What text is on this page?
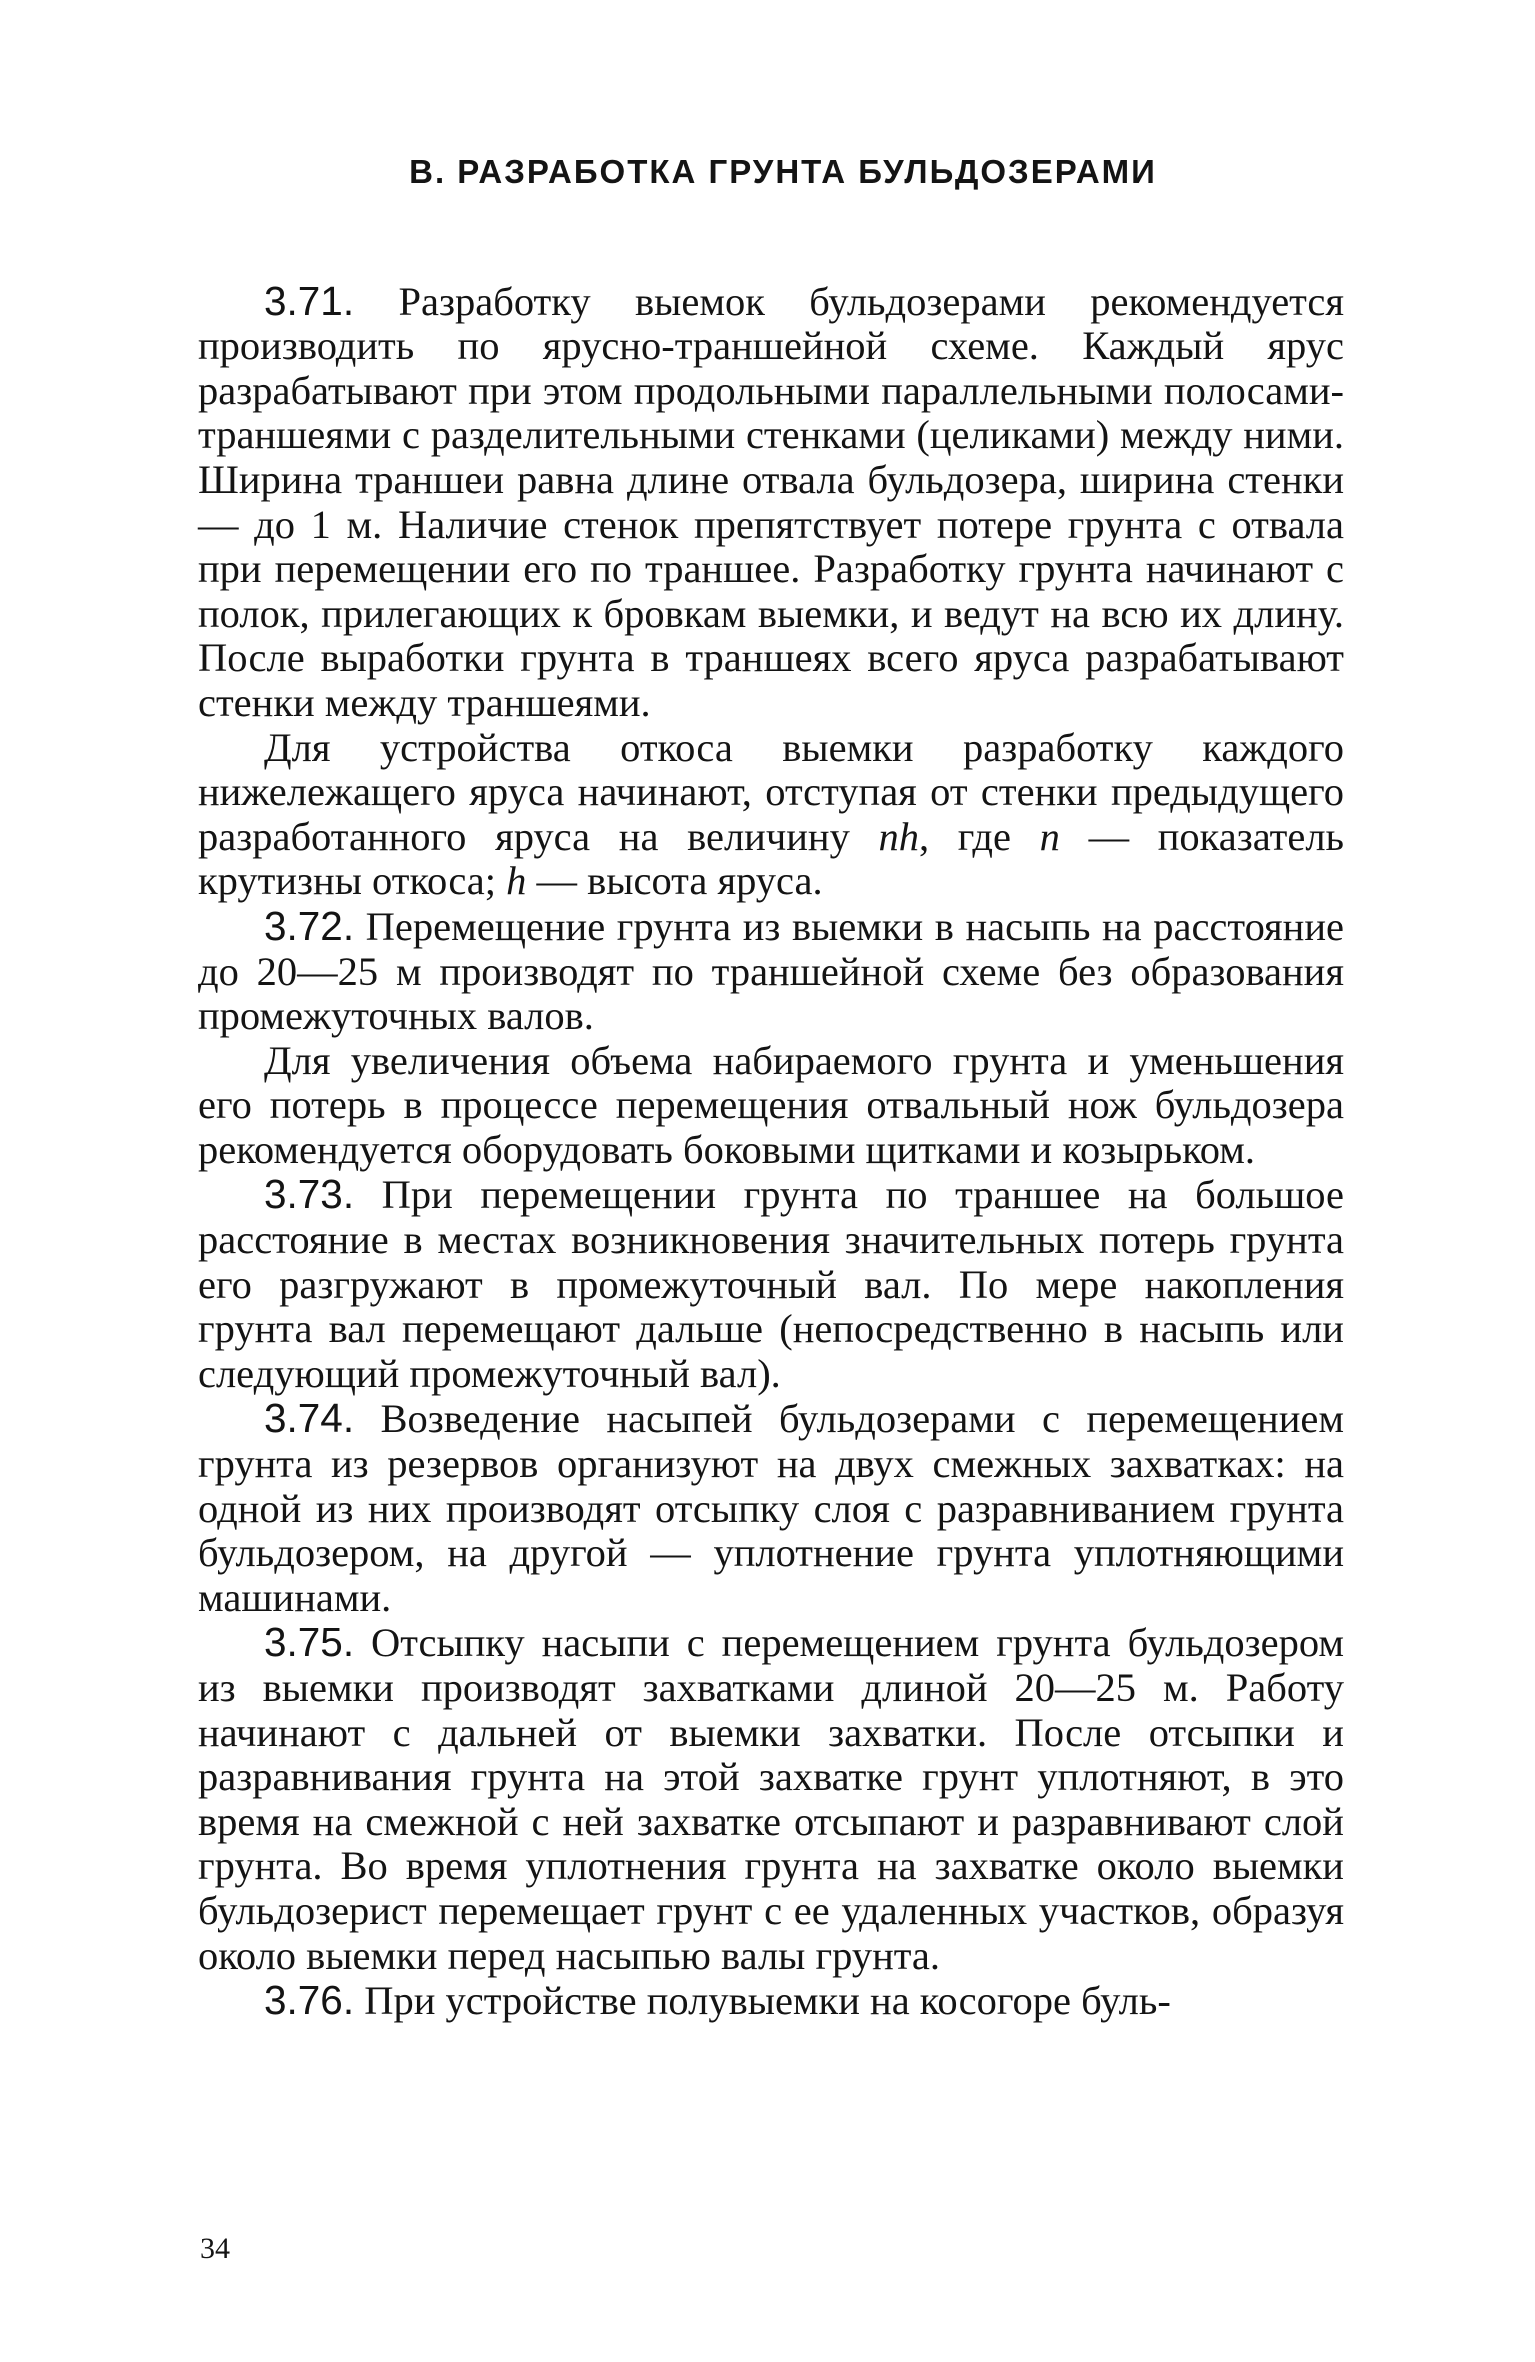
В. РАЗРАБОТКА ГРУНТА БУЛЬДОЗЕРАМИ

3.71. Разработку выемок бульдозерами рекомендуется производить по ярусно-траншейной схеме. Каждый ярус разрабатывают при этом продольными параллельными полосами-траншеями с разделительными стенками (целиками) между ними. Ширина траншеи равна длине отвала бульдозера, ширина стенки — до 1 м. Наличие стенок препятствует потере грунта с отвала при перемещении его по траншее. Разработку грунта начинают с полок, прилегающих к бровкам выемки, и ведут на всю их длину. После выработки грунта в траншеях всего яруса разрабатывают стенки между траншеями.

Для устройства откоса выемки разработку каждого нижележащего яруса начинают, отступая от стенки предыдущего разработанного яруса на величину nh, где n — показатель крутизны откоса; h — высота яруса.

3.72. Перемещение грунта из выемки в насыпь на расстояние до 20—25 м производят по траншейной схеме без образования промежуточных валов.

Для увеличения объема набираемого грунта и уменьшения его потерь в процессе перемещения отвальный нож бульдозера рекомендуется оборудовать боковыми щитками и козырьком.

3.73. При перемещении грунта по траншее на большое расстояние в местах возникновения значительных потерь грунта его разгружают в промежуточный вал. По мере накопления грунта вал перемещают дальше (непосредственно в насыпь или следующий промежуточный вал).

3.74. Возведение насыпей бульдозерами с перемещением грунта из резервов организуют на двух смежных захватках: на одной из них производят отсыпку слоя с разравниванием грунта бульдозером, на другой — уплотнение грунта уплотняющими машинами.

3.75. Отсыпку насыпи с перемещением грунта бульдозером из выемки производят захватками длиной 20—25 м. Работу начинают с дальней от выемки захватки. После отсыпки и разравнивания грунта на этой захватке грунт уплотняют, в это время на смежной с ней захватке отсыпают и разравнивают слой грунта. Во время уплотнения грунта на захватке около выемки бульдозерист перемещает грунт с ее удаленных участков, образуя около выемки перед насыпью валы грунта.

3.76. При устройстве полувыемки на косогоре буль-

34
